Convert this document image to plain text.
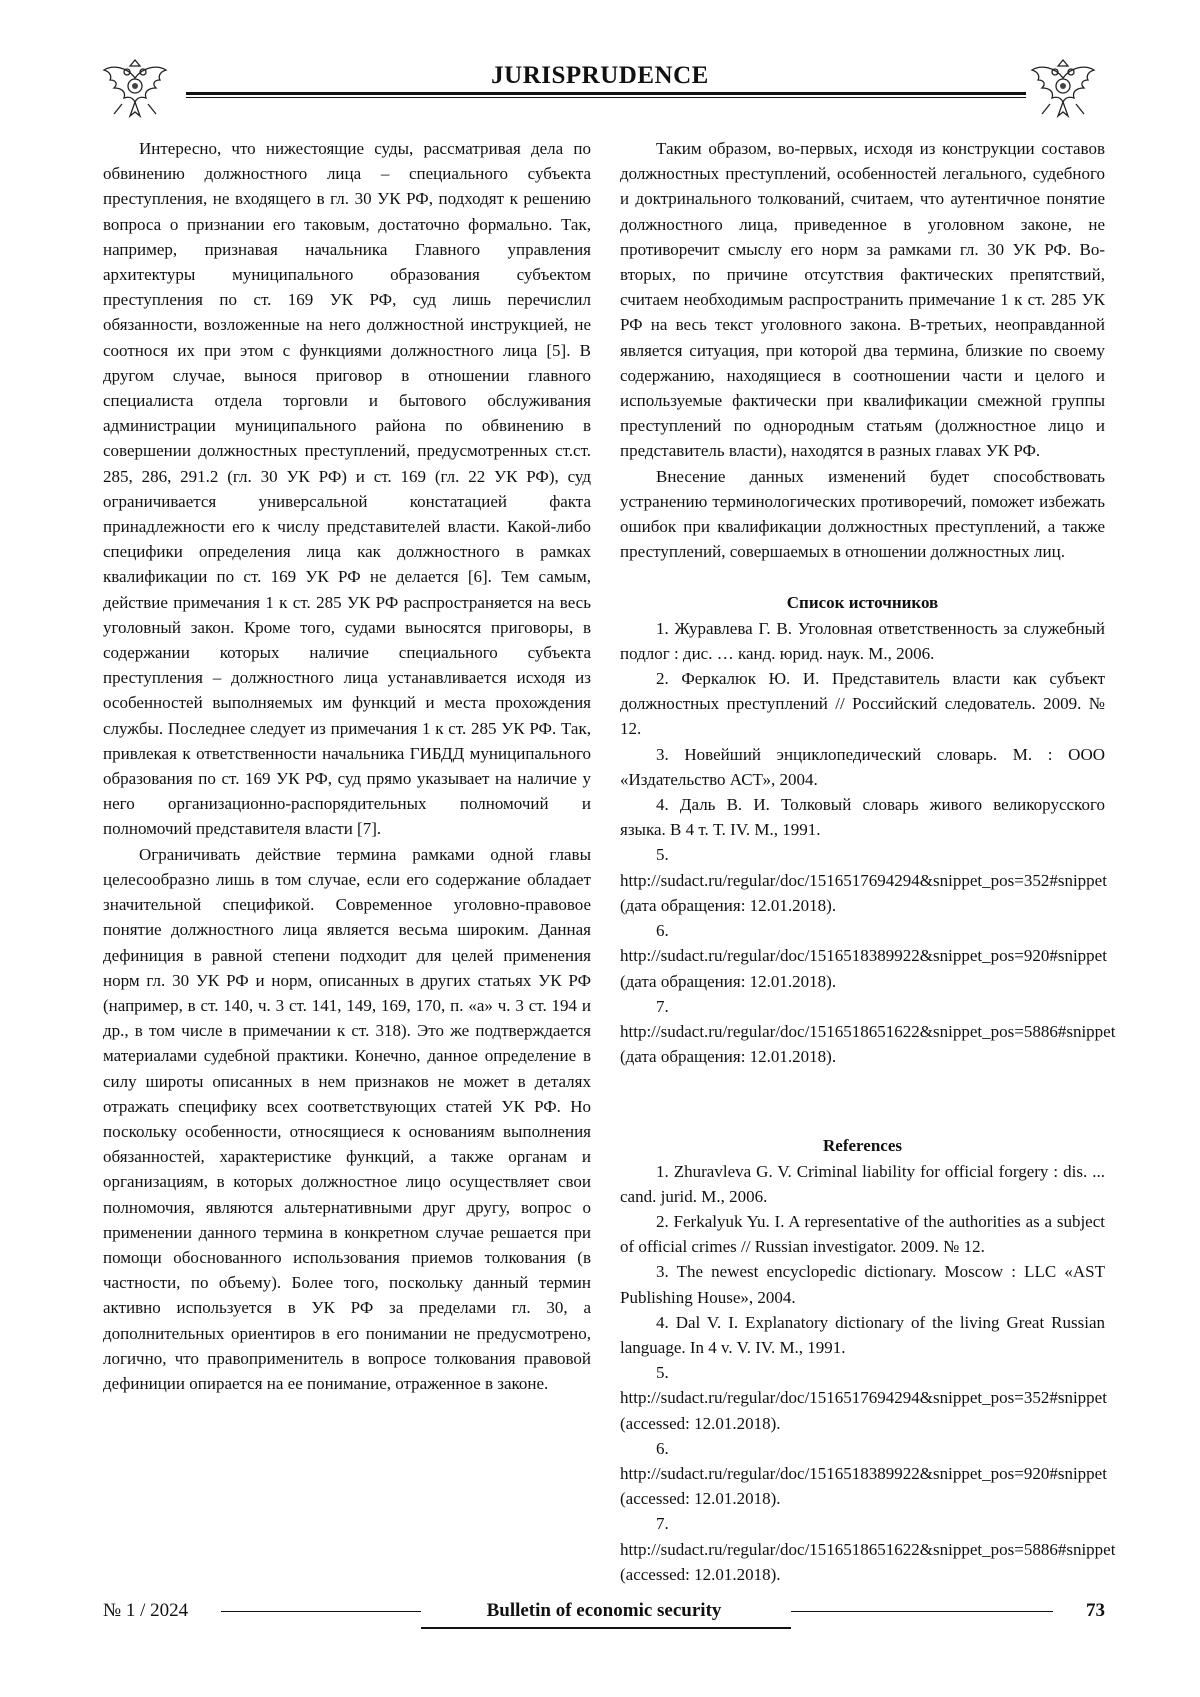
JURISPRUDENCE

Интересно, что нижестоящие суды, рассматривая дела по обвинению должностного лица – специального субъекта преступления, не входящего в гл. 30 УК РФ, подходят к решению вопроса о признании его таковым, достаточно формально. Так, например, признавая начальника Главного управления архитектуры муниципального образования субъектом преступления по ст. 169 УК РФ, суд лишь перечислил обязанности, возложенные на него должностной инструкцией, не соотнося их при этом с функциями должностного лица [5]. В другом случае, вынося приговор в отношении главного специалиста отдела торговли и бытового обслуживания администрации муниципального района по обвинению в совершении должностных преступлений, предусмотренных ст.ст. 285, 286, 291.2 (гл. 30 УК РФ) и ст. 169 (гл. 22 УК РФ), суд ограничивается универсальной констатацией факта принадлежности его к числу представителей власти. Какой-либо специфики определения лица как должностного в рамках квалификации по ст. 169 УК РФ не делается [6]. Тем самым, действие примечания 1 к ст. 285 УК РФ распространяется на весь уголовный закон. Кроме того, судами выносятся приговоры, в содержании которых наличие специального субъекта преступления – должностного лица устанавливается исходя из особенностей выполняемых им функций и места прохождения службы. Последнее следует из примечания 1 к ст. 285 УК РФ. Так, привлекая к ответственности начальника ГИБДД муниципального образования по ст. 169 УК РФ, суд прямо указывает на наличие у него организационно-распорядительных полномочий и полномочий представителя власти [7].

Ограничивать действие термина рамками одной главы целесообразно лишь в том случае, если его содержание обладает значительной спецификой. Современное уголовно-правовое понятие должностного лица является весьма широким. Данная дефиниция в равной степени подходит для целей применения норм гл. 30 УК РФ и норм, описанных в других статьях УК РФ (например, в ст. 140, ч. 3 ст. 141, 149, 169, 170, п. «а» ч. 3 ст. 194 и др., в том числе в примечании к ст. 318). Это же подтверждается материалами судебной практики. Конечно, данное определение в силу широты описанных в нем признаков не может в деталях отражать специфику всех соответствующих статей УК РФ. Но поскольку особенности, относящиеся к основаниям выполнения обязанностей, характеристике функций, а также органам и организациям, в которых должностное лицо осуществляет свои полномочия, являются альтернативными друг другу, вопрос о применении данного термина в конкретном случае решается при помощи обоснованного использования приемов толкования (в частности, по объему). Более того, поскольку данный термин активно используется в УК РФ за пределами гл. 30, а дополнительных ориентиров в его понимании не предусмотрено, логично, что правоприменитель в вопросе толкования правовой дефиниции опирается на ее понимание, отраженное в законе.

Таким образом, во-первых, исходя из конструкции составов должностных преступлений, особенностей легального, судебного и доктринального толкований, считаем, что аутентичное понятие должностного лица, приведенное в уголовном законе, не противоречит смыслу его норм за рамками гл. 30 УК РФ. Во-вторых, по причине отсутствия фактических препятствий, считаем необходимым распространить примечание 1 к ст. 285 УК РФ на весь текст уголовного закона. В-третьих, неоправданной является ситуация, при которой два термина, близкие по своему содержанию, находящиеся в соотношении части и целого и используемые фактически при квалификации смежной группы преступлений по однородным статьям (должностное лицо и представитель власти), находятся в разных главах УК РФ.

Внесение данных изменений будет способствовать устранению терминологических противоречий, поможет избежать ошибок при квалификации должностных преступлений, а также преступлений, совершаемых в отношении должностных лиц.

Список источников

1. Журавлева Г. В. Уголовная ответственность за служебный подлог : дис. … канд. юрид. наук. М., 2006.

2. Феркалюк Ю. И. Представитель власти как субъект должностных преступлений // Российский следователь. 2009. № 12.

3. Новейший энциклопедический словарь. М. : ООО «Издательство АСТ», 2004.

4. Даль В. И. Толковый словарь живого великорусского языка. В 4 т. Т. IV. М., 1991.

5. http://sudact.ru/regular/doc/1516517694294&snippet_pos=352#snippet (дата обращения: 12.01.2018).

6. http://sudact.ru/regular/doc/1516518389922&snippet_pos=920#snippet (дата обращения: 12.01.2018).

7. http://sudact.ru/regular/doc/1516518651622&snippet_pos=5886#snippet (дата обращения: 12.01.2018).

References

1. Zhuravleva G. V. Criminal liability for official forgery : dis. ... cand. jurid. M., 2006.

2. Ferkalyuk Yu. I. A representative of the authorities as a subject of official crimes // Russian investigator. 2009. № 12.

3. The newest encyclopedic dictionary. Moscow : LLC «AST Publishing House», 2004.

4. Dal V. I. Explanatory dictionary of the living Great Russian language. In 4 v. V. IV. M., 1991.

5. http://sudact.ru/regular/doc/1516517694294&snippet_pos=352#snippet (accessed: 12.01.2018).

6. http://sudact.ru/regular/doc/1516518389922&snippet_pos=920#snippet (accessed: 12.01.2018).

7. http://sudact.ru/regular/doc/1516518651622&snippet_pos=5886#snippet (accessed: 12.01.2018).

№ 1 / 2024	Bulletin of economic security	73
